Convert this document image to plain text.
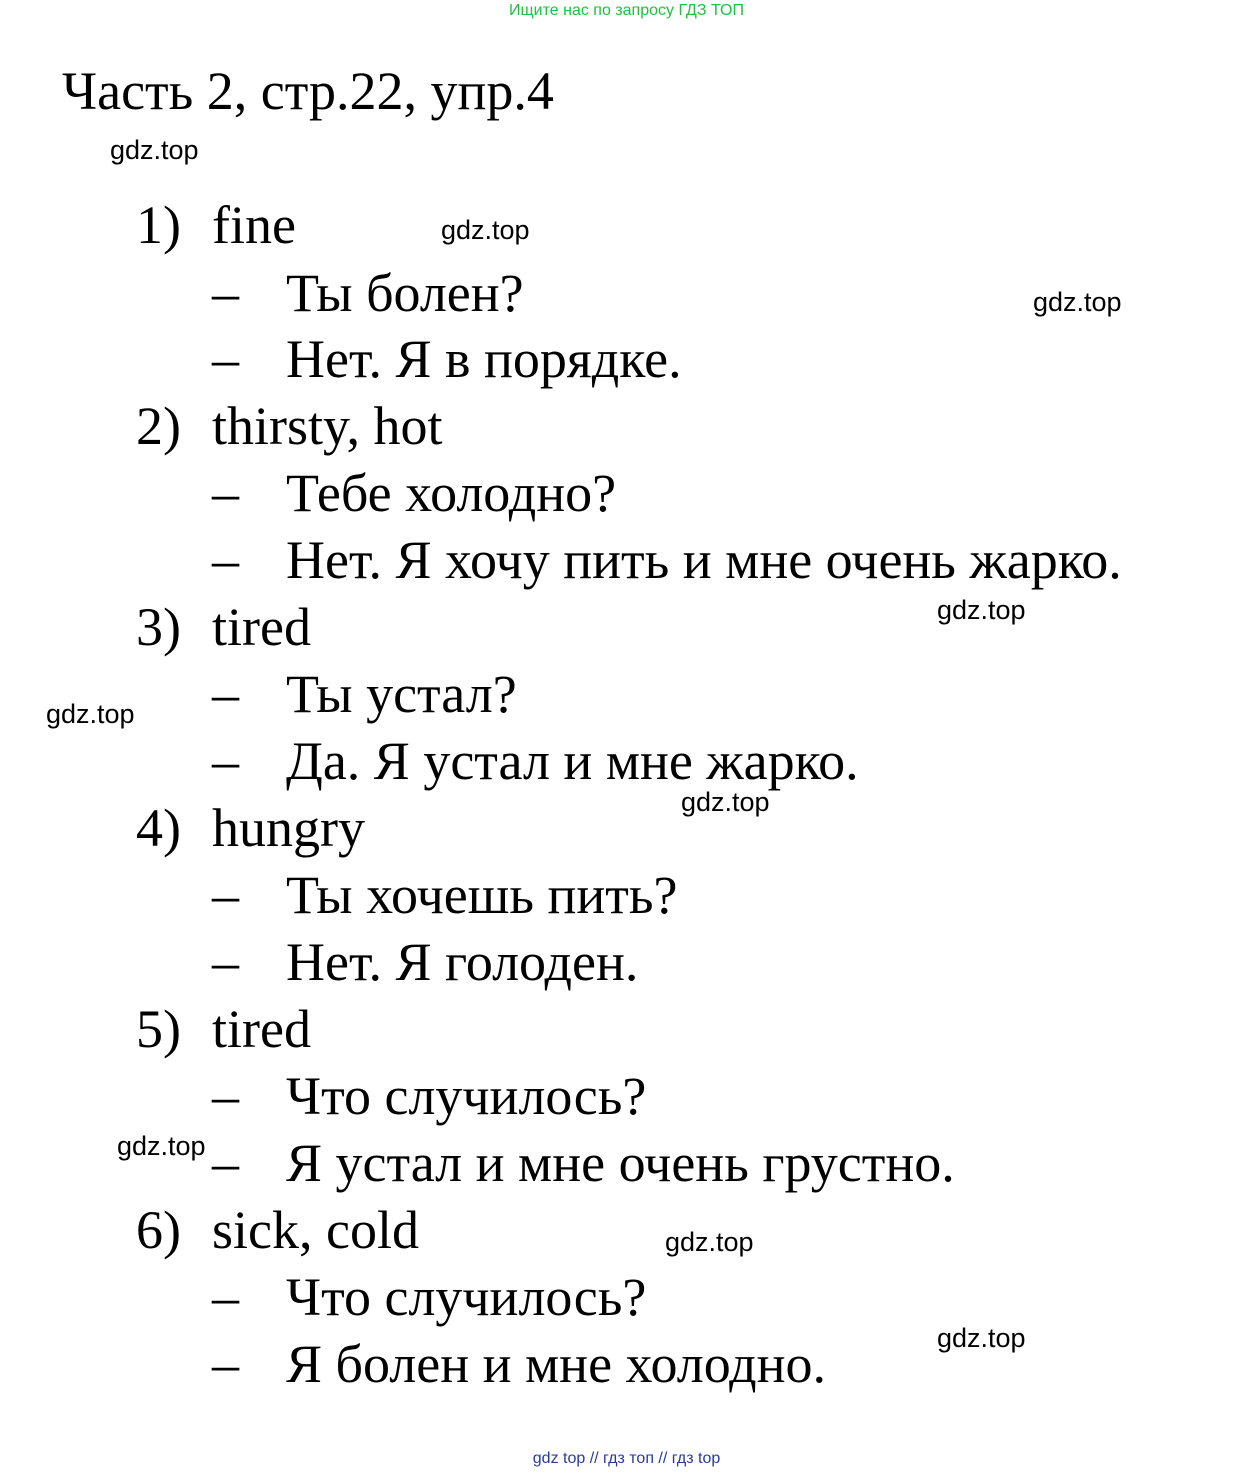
Ищите нас по запросу ГДЗ ТОП
Часть 2, стр.22, упр.4
1) fine
– Ты болен?
– Нет. Я в порядке.
2) thirsty, hot
– Тебе холодно?
– Нет. Я хочу пить и мне очень жарко.
3) tired
– Ты устал?
– Да. Я устал и мне жарко.
4) hungry
– Ты хочешь пить?
– Нет. Я голоден.
5) tired
– Что случилось?
– Я устал и мне очень грустно.
6) sick, cold
– Что случилось?
– Я болен и мне холодно.
gdz.top
gdz.top
gdz.top
gdz.top
gdz.top
gdz.top
gdz.top
gdz.top
gdz.top
gdz top // гдз топ // гдз top
